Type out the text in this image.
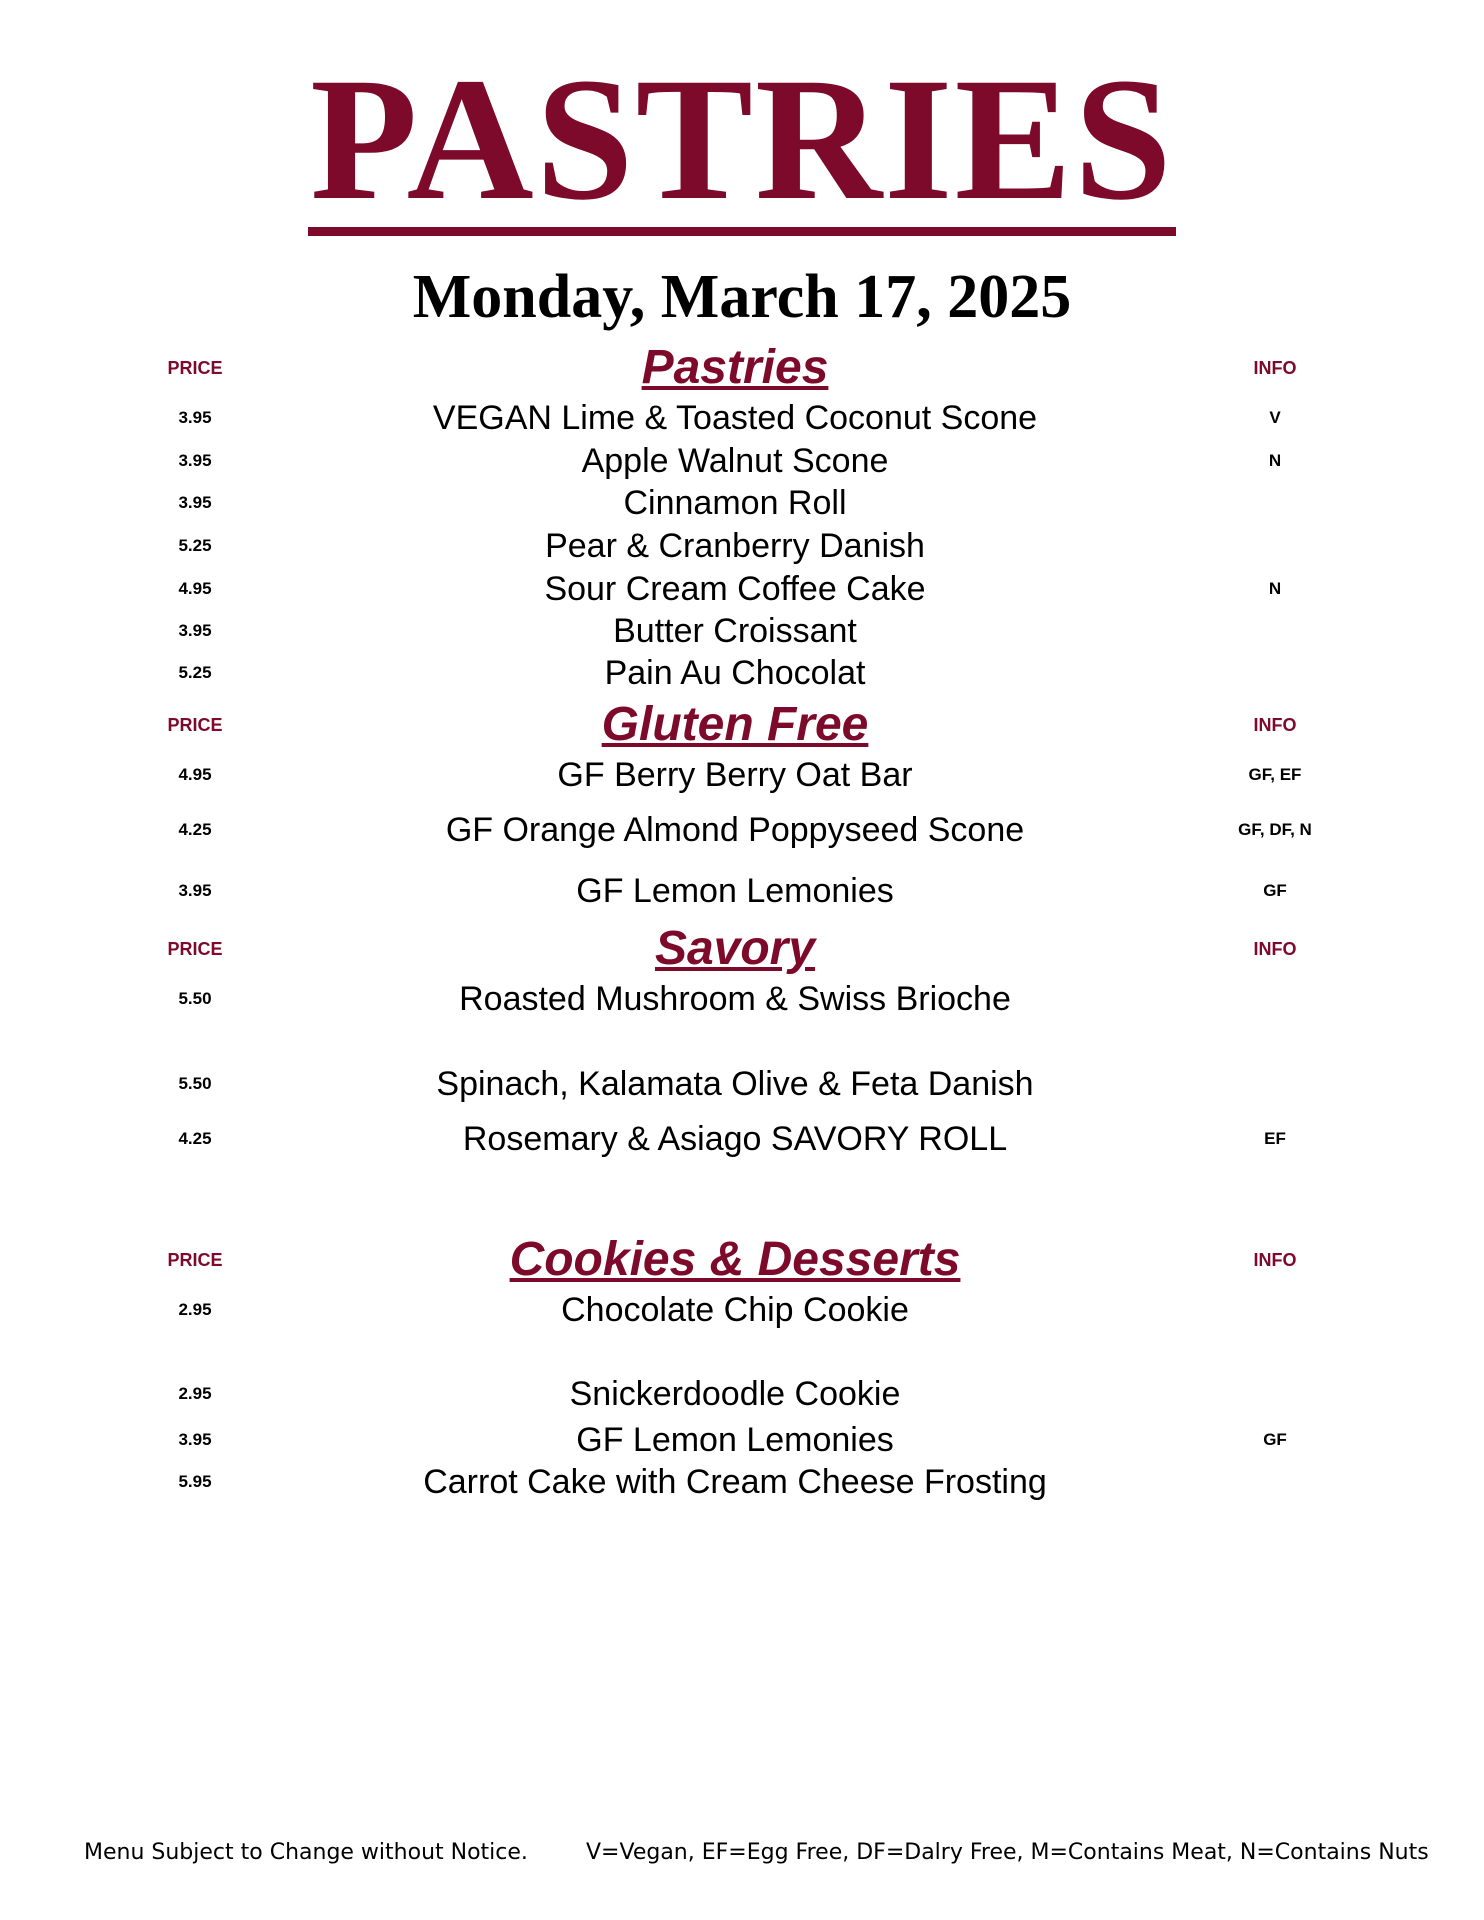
PASTRIES
Monday, March 17, 2025
PRICE	Pastries	INFO
3.95	VEGAN Lime & Toasted Coconut Scone	V
3.95	Apple Walnut Scone	N
3.95	Cinnamon Roll
5.25	Pear & Cranberry Danish
4.95	Sour Cream Coffee Cake	N
3.95	Butter Croissant
5.25	Pain Au Chocolat
PRICE	Gluten Free	INFO
4.95	GF Berry Berry Oat Bar	GF, EF
4.25	GF Orange Almond Poppyseed Scone	GF, DF, N
3.95	GF Lemon Lemonies	GF
PRICE	Savory	INFO
5.50	Roasted Mushroom & Swiss Brioche
5.50	Spinach, Kalamata Olive & Feta Danish
4.25	Rosemary & Asiago SAVORY ROLL	EF
PRICE	Cookies & Desserts	INFO
2.95	Chocolate Chip Cookie
2.95	Snickerdoodle Cookie
3.95	GF Lemon Lemonies	GF
5.95	Carrot Cake with Cream Cheese Frosting
Menu Subject to Change without Notice.	V=Vegan, EF=Egg Free, DF=Dalry Free, M=Contains Meat, N=Contains Nuts
